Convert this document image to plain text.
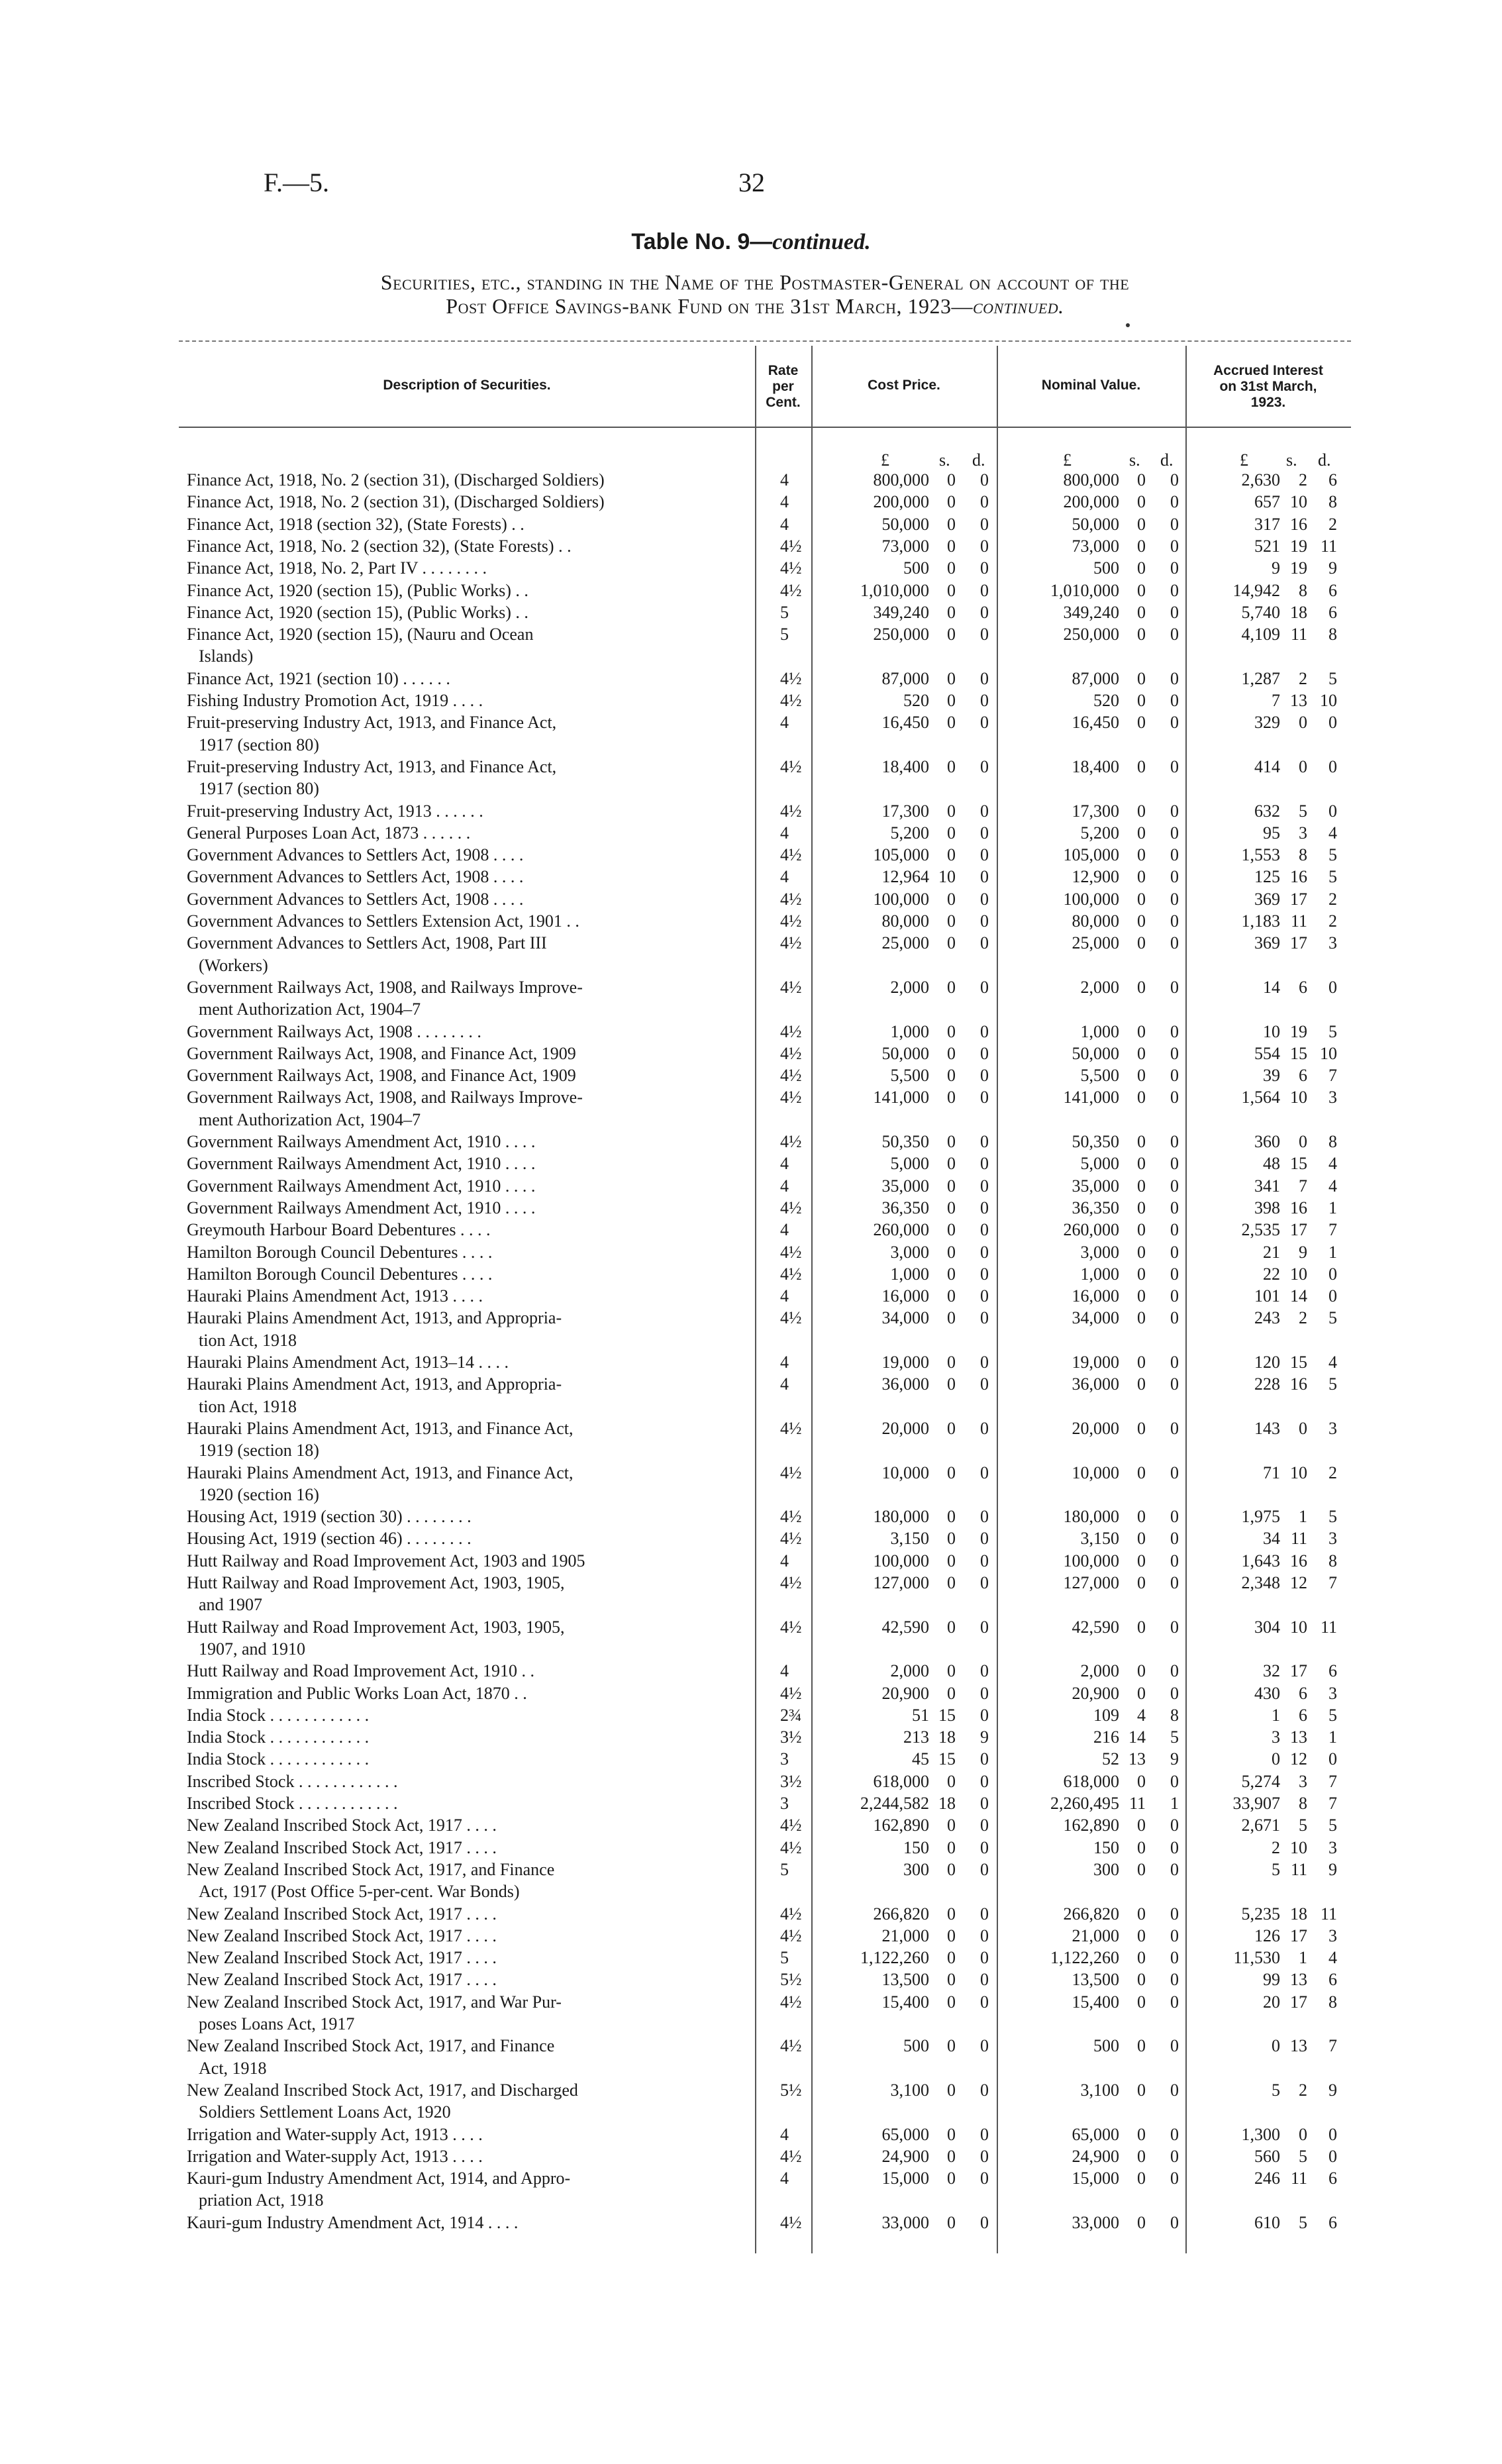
F.—5.	32
Table No. 9—continued.
Securities, etc., standing in the Name of the Postmaster-General on account of the
Post Office Savings-bank Fund on the 31st March, 1923—continued.
Description of Securities.
Rate
per
Cent.
Cost Price.	Nominal Value.
Accrued Interest
on 31st March,
1923.
£	s. d.	£	s. d.	£ s. d.
Finance Act, 1918, No. 2 (section 31), (Discharged Soldiers)	4	800,000	0	0	800,000	0	0	2,630	2	6
Finance Act, 1918, No. 2 (section 31), (Discharged Soldiers)	4	200,000	0	0	200,000	0	0	657 10	8
Finance Act, 1918 (section 32), (State Forests) . .	4	50,000	0	0	50,000	0	0	317 16	2
Finance Act, 1918, No. 2 (section 32), (State Forests) . .	4½	73,000	0	0	73,000	0	0	521 19 11
Finance Act, 1918, No. 2, Part IV . . . . . . . .	4½	500	0	0	500	0	0	9 19	9
Finance Act, 1920 (section 15), (Public Works) . .	4½	1,010,000	0	0	1,010,000	0	0	14,942	8	6
Finance Act, 1920 (section 15), (Public Works) . .	5	349,240	0	0	349,240	0	0	5,740 18	6
Finance Act, 1920 (section 15), (Nauru and Ocean
Islands)
5	250,000	0	0	250,000	0	0	4,109 11	8
Finance Act, 1921 (section 10) . . . . . .	4½	87,000	0	0	87,000	0	0	1,287	2	5
Fishing Industry Promotion Act, 1919 . . . .	4½	520	0	0	520	0	0	7 13 10
Fruit-preserving Industry Act, 1913, and Finance Act,
1917 (section 80)
4	16,450	0	0	16,450	0	0	329	0	0
Fruit-preserving Industry Act, 1913, and Finance Act,
1917 (section 80)
4½	18,400	0	0	18,400	0	0	414	0	0
Fruit-preserving Industry Act, 1913 . . . . . .	4½	17,300	0	0	17,300	0	0	632	5	0
General Purposes Loan Act, 1873 . . . . . .	4	5,200	0	0	5,200	0	0	95	3	4
Government Advances to Settlers Act, 1908 . . . .	4½	105,000	0	0	105,000	0	0	1,553	8	5
Government Advances to Settlers Act, 1908 . . . .	4	12,964 10	0	12,900	0	0	125 16	5
Government Advances to Settlers Act, 1908 . . . .	4½	100,000	0	0	100,000	0	0	369 17	2
Government Advances to Settlers Extension Act, 1901 . .	4½	80,000	0	0	80,000	0	0	1,183 11	2
Government Advances to Settlers Act, 1908, Part III
(Workers)
4½	25,000	0	0	25,000	0	0	369 17	3
Government Railways Act, 1908, and Railways Improve-
ment Authorization Act, 1904–7
4½	2,000	0	0	2,000	0	0	14	6	0
Government Railways Act, 1908 . . . . . . . .	4½	1,000	0	0	1,000	0	0	10 19	5
Government Railways Act, 1908, and Finance Act, 1909	4½	50,000	0	0	50,000	0	0	554 15 10
Government Railways Act, 1908, and Finance Act, 1909	4½	5,500	0	0	5,500	0	0	39	6	7
Government Railways Act, 1908, and Railways Improve-
ment Authorization Act, 1904–7
4½	141,000	0	0	141,000	0	0	1,564 10	3
Government Railways Amendment Act, 1910 . . . .	4½	50,350	0	0	50,350	0	0	360	0	8
Government Railways Amendment Act, 1910 . . . .	4	5,000	0	0	5,000	0	0	48 15	4
Government Railways Amendment Act, 1910 . . . .	4	35,000	0	0	35,000	0	0	341	7	4
Government Railways Amendment Act, 1910 . . . .	4½	36,350	0	0	36,350	0	0	398 16	1
Greymouth Harbour Board Debentures . . . .	4	260,000	0	0	260,000	0	0	2,535 17	7
Hamilton Borough Council Debentures . . . .	4½	3,000	0	0	3,000	0	0	21	9	1
Hamilton Borough Council Debentures . . . .	4½	1,000	0	0	1,000	0	0	22 10	0
Hauraki Plains Amendment Act, 1913 . . . .	4	16,000	0	0	16,000	0	0	101 14	0
Hauraki Plains Amendment Act, 1913, and Appropria-
tion Act, 1918
4½	34,000	0	0	34,000	0	0	243	2	5
Hauraki Plains Amendment Act, 1913–14 . . . .	4	19,000	0	0	19,000	0	0	120 15	4
Hauraki Plains Amendment Act, 1913, and Appropria-
tion Act, 1918
4	36,000	0	0	36,000	0	0	228 16	5
Hauraki Plains Amendment Act, 1913, and Finance Act,
1919 (section 18)
4½	20,000	0	0	20,000	0	0	143	0	3
Hauraki Plains Amendment Act, 1913, and Finance Act,
1920 (section 16)
4½	10,000	0	0	10,000	0	0	71 10	2
Housing Act, 1919 (section 30) . . . . . . . .	4½	180,000	0	0	180,000	0	0	1,975	1	5
Housing Act, 1919 (section 46) . . . . . . . .	4½	3,150	0	0	3,150	0	0	34 11	3
Hutt Railway and Road Improvement Act, 1903 and 1905	4	100,000	0	0	100,000	0	0	1,643 16	8
Hutt Railway and Road Improvement Act, 1903, 1905,
and 1907
4½	127,000	0	0	127,000	0	0	2,348 12	7
Hutt Railway and Road Improvement Act, 1903, 1905,
1907, and 1910
4½	42,590	0	0	42,590	0	0	304 10 11
Hutt Railway and Road Improvement Act, 1910 . .	4	2,000	0	0	2,000	0	0	32 17	6
Immigration and Public Works Loan Act, 1870 . .	4½	20,900	0	0	20,900	0	0	430	6	3
India Stock . . . . . . . . . . . .	2¾	51 15	0	109	4	8	1	6	5
India Stock . . . . . . . . . . . .	3½	213 18	9	216 14	5	3 13	1
India Stock . . . . . . . . . . . .	3	45 15	0	52 13	9	0 12	0
Inscribed Stock . . . . . . . . . . . .	3½	618,000	0	0	618,000	0	0	5,274	3	7
Inscribed Stock . . . . . . . . . . . .	3	2,244,582 18	0	2,260,495 11	1	33,907	8	7
New Zealand Inscribed Stock Act, 1917 . . . .	4½	162,890	0	0	162,890	0	0	2,671	5	5
New Zealand Inscribed Stock Act, 1917 . . . .	4½	150	0	0	150	0	0	2 10	3
New Zealand Inscribed Stock Act, 1917, and Finance
Act, 1917 (Post Office 5-per-cent. War Bonds)
5	300	0	0	300	0	0	5 11	9
New Zealand Inscribed Stock Act, 1917 . . . .	4½	266,820	0	0	266,820	0	0	5,235 18 11
New Zealand Inscribed Stock Act, 1917 . . . .	4½	21,000	0	0	21,000	0	0	126 17	3
New Zealand Inscribed Stock Act, 1917 . . . .	5	1,122,260	0	0	1,122,260	0	0	11,530	1	4
New Zealand Inscribed Stock Act, 1917 . . . .	5½	13,500	0	0	13,500	0	0	99 13	6
New Zealand Inscribed Stock Act, 1917, and War Pur-
poses Loans Act, 1917
4½	15,400	0	0	15,400	0	0	20 17	8
New Zealand Inscribed Stock Act, 1917, and Finance
Act, 1918
4½	500	0	0	500	0	0	0 13	7
New Zealand Inscribed Stock Act, 1917, and Discharged
Soldiers Settlement Loans Act, 1920
5½	3,100	0	0	3,100	0	0	5	2	9
Irrigation and Water-supply Act, 1913 . . . .	4	65,000	0	0	65,000	0	0	1,300	0	0
Irrigation and Water-supply Act, 1913 . . . .	4½	24,900	0	0	24,900	0	0	560	5	0
Kauri-gum Industry Amendment Act, 1914, and Appro-
priation Act, 1918
4	15,000	0	0	15,000	0	0	246 11	6
Kauri-gum Industry Amendment Act, 1914 . . . .	4½	33,000	0	0	33,000	0	0	610	5	6
